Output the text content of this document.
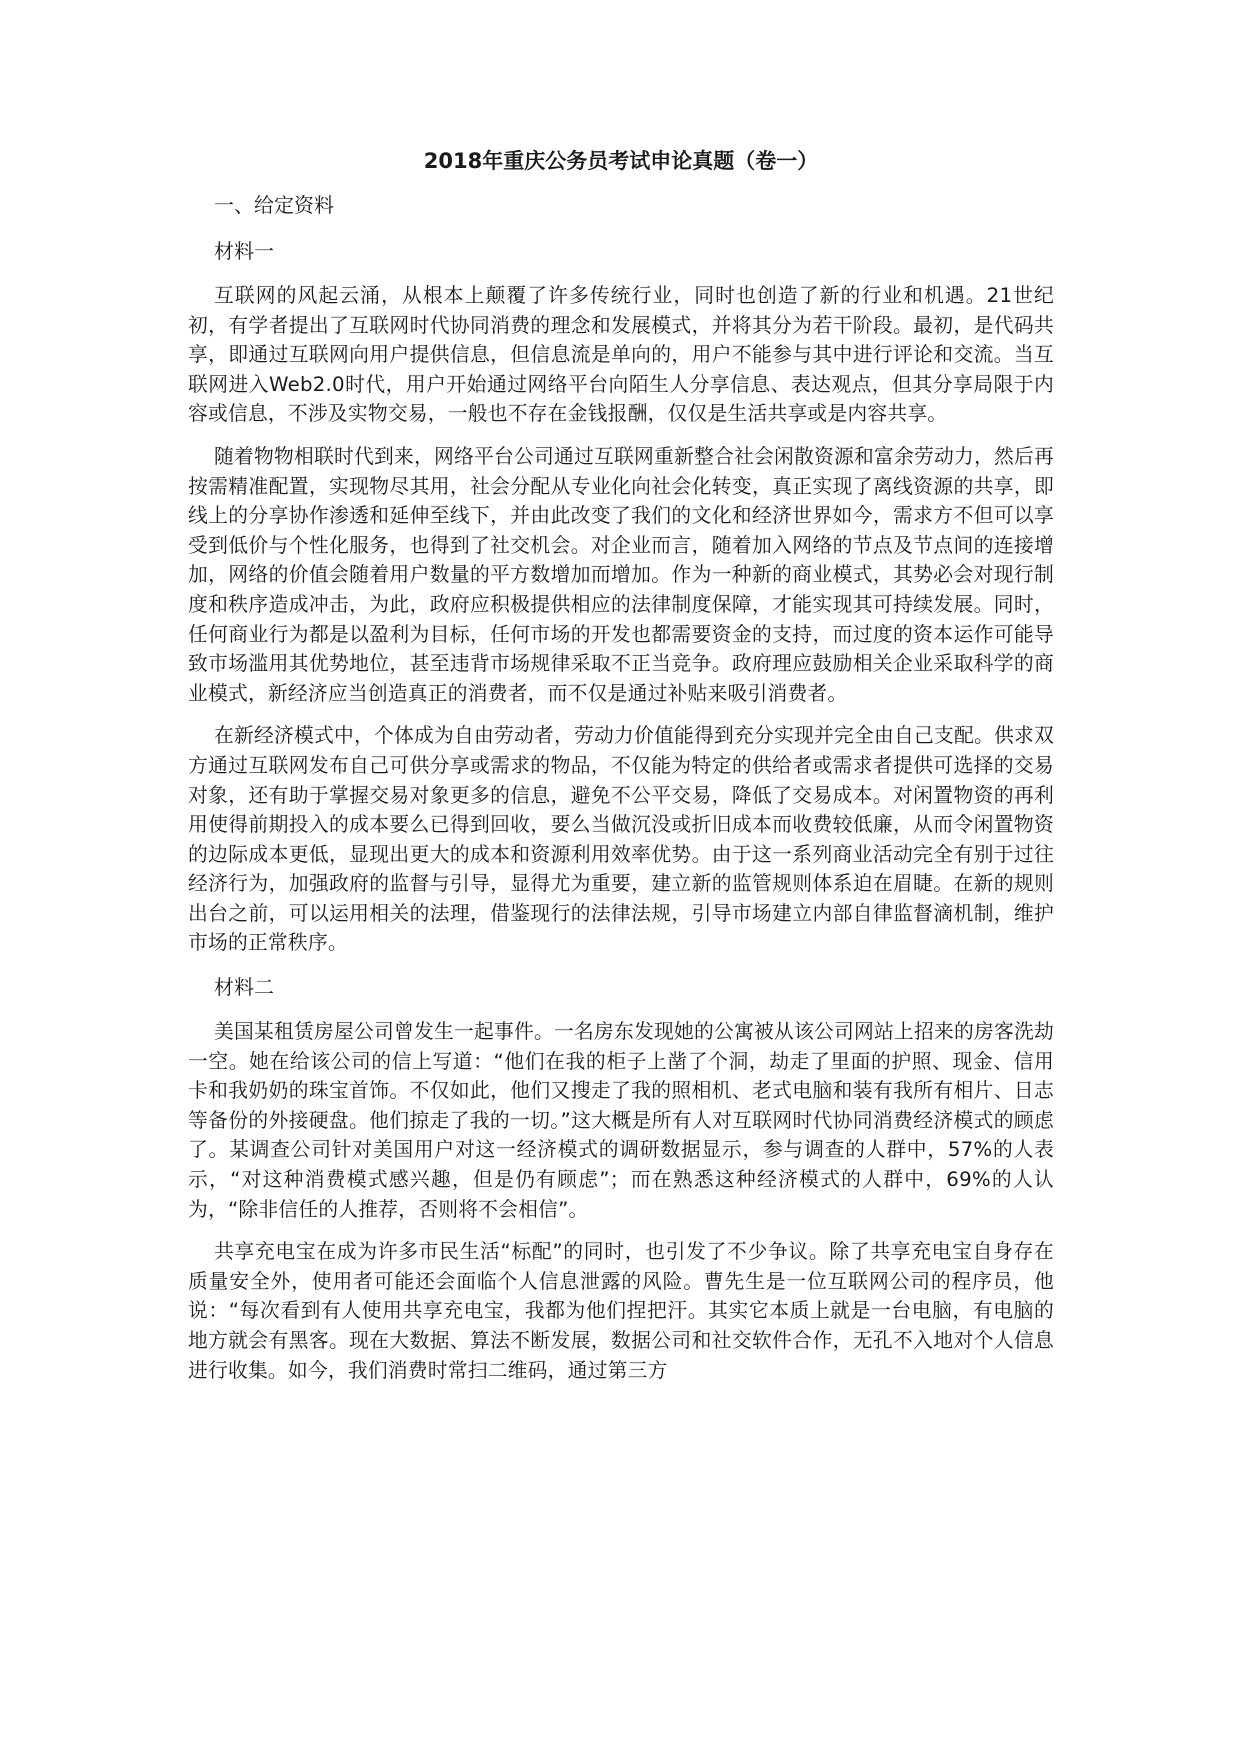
2018年重庆公务员考试申论真题（卷一）
一、给定资料
材料一

互联网的风起云涌，从根本上颠覆了许多传统行业，同时也创造了新的行业和机遇。21世纪初，有学者提出了互联网时代协同消费的理念和发展模式，并将其分为若干阶段。最初，是代码共享，即通过互联网向用户提供信息，但信息流是单向的，用户不能参与其中进行评论和交流。当互联网进入Web2.0时代，用户开始通过网络平台向陌生人分享信息、表达观点，但其分享局限于内容或信息，不涉及实物交易，一般也不存在金钱报酬，仅仅是生活共享或是内容共享。

随着物物相联时代到来，网络平台公司通过互联网重新整合社会闲散资源和富余劳动力，然后再按需精准配置，实现物尽其用，社会分配从专业化向社会化转变，真正实现了离线资源的共享，即线上的分享协作渗透和延伸至线下，并由此改变了我们的文化和经济世界如今，需求方不但可以享受到低价与个性化服务，也得到了社交机会。对企业而言，随着加入网络的节点及节点间的连接增加，网络的价值会随着用户数量的平方数增加而增加。作为一种新的商业模式，其势必会对现行制度和秩序造成冲击，为此，政府应积极提供相应的法律制度保障，才能实现其可持续发展。同时，任何商业行为都是以盈利为目标，任何市场的开发也都需要资金的支持，而过度的资本运作可能导致市场滥用其优势地位，甚至违背市场规律采取不正当竞争。政府理应鼓励相关企业采取科学的商业模式，新经济应当创造真正的消费者，而不仅是通过补贴来吸引消费者。

在新经济模式中，个体成为自由劳动者，劳动力价值能得到充分实现并完全由自己支配。供求双方通过互联网发布自己可供分享或需求的物品，不仅能为特定的供给者或需求者提供可选择的交易对象，还有助于掌握交易对象更多的信息，避免不公平交易，降低了交易成本。对闲置物资的再利用使得前期投入的成本要么已得到回收，要么当做沉没或折旧成本而收费较低廉，从而令闲置物资的边际成本更低，显现出更大的成本和资源利用效率优势。由于这一系列商业活动完全有别于过往经济行为，加强政府的监督与引导，显得尤为重要，建立新的监管规则体系迫在眉睫。在新的规则出台之前，可以运用相关的法理，借鉴现行的法律法规，引导市场建立内部自律监督滴机制，维护市场的正常秩序。

材料二

美国某租赁房屋公司曾发生一起事件。一名房东发现她的公寓被从该公司网站上招来的房客洗劫一空。她在给该公司的信上写道：“他们在我的柜子上凿了个洞，劫走了里面的护照、现金、信用卡和我奶奶的珠宝首饰。不仅如此，他们又搜走了我的照相机、老式电脑和装有我所有相片、日志等备份的外接硬盘。他们掠走了我的一切。”这大概是所有人对互联网时代协同消费经济模式的顾虑了。某调查公司针对美国用户对这一经济模式的调研数据显示，参与调查的人群中，57%的人表示，“对这种消费模式感兴趣，但是仍有顾虑”；而在熟悉这种经济模式的人群中，69%的人认为，“除非信任的人推荐，否则将不会相信”。

共享充电宝在成为许多市民生活“标配”的同时，也引发了不少争议。除了共享充电宝自身存在质量安全外，使用者可能还会面临个人信息泄露的风险。曹先生是一位互联网公司的程序员，他说：“每次看到有人使用共享充电宝，我都为他们捏把汗。其实它本质上就是一台电脑，有电脑的地方就会有黑客。现在大数据、算法不断发展，数据公司和社交软件合作，无孔不入地对个人信息进行收集。如今，我们消费时常扫二维码，通过第三方
